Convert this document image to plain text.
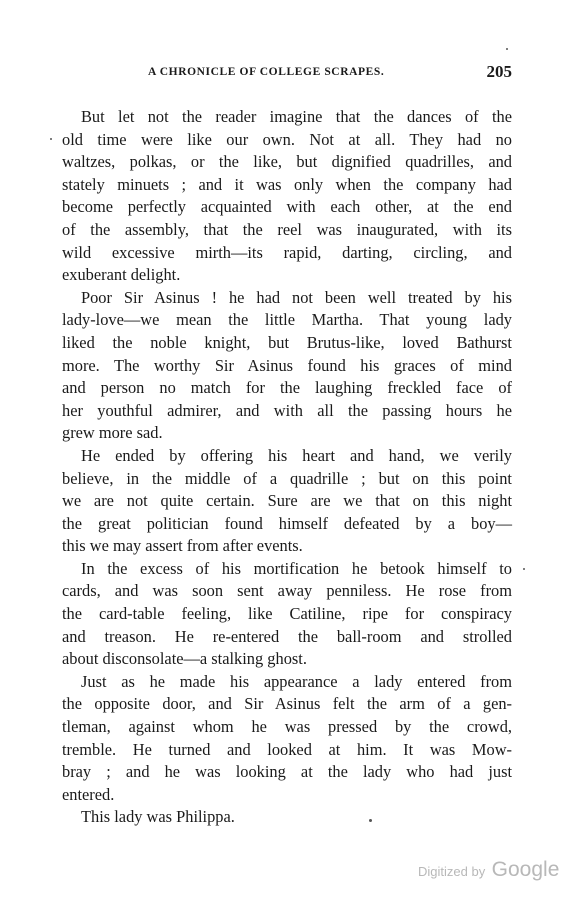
A CHRONICLE OF COLLEGE SCRAPES.	205
But let not the reader imagine that the dances of the
old time were like our own. Not at all. They had no
waltzes, polkas, or the like, but dignified quadrilles, and
stately minuets ; and it was only when the company had
become perfectly acquainted with each other, at the end
of the assembly, that the reel was inaugurated, with its
wild excessive mirth—its rapid, darting, circling, and
exuberant delight.
Poor Sir Asinus ! he had not been well treated by his
lady-love—we mean the little Martha. That young lady
liked the noble knight, but Brutus-like, loved Bathurst
more. The worthy Sir Asinus found his graces of mind
and person no match for the laughing freckled face of
her youthful admirer, and with all the passing hours he
grew more sad.
He ended by offering his heart and hand, we verily
believe, in the middle of a quadrille ; but on this point
we are not quite certain. Sure are we that on this night
the great politician found himself defeated by a boy—
this we may assert from after events.
In the excess of his mortification he betook himself to
cards, and was soon sent away penniless. He rose from
the card-table feeling, like Catiline, ripe for conspiracy
and treason. He re-entered the ball-room and strolled
about disconsolate—a stalking ghost.
Just as he made his appearance a lady entered from
the opposite door, and Sir Asinus felt the arm of a gen-
tleman, against whom he was pressed by the crowd,
tremble. He turned and looked at him. It was Mow-
bray ; and he was looking at the lady who had just
entered.
This lady was Philippa.
Digitized by Google
